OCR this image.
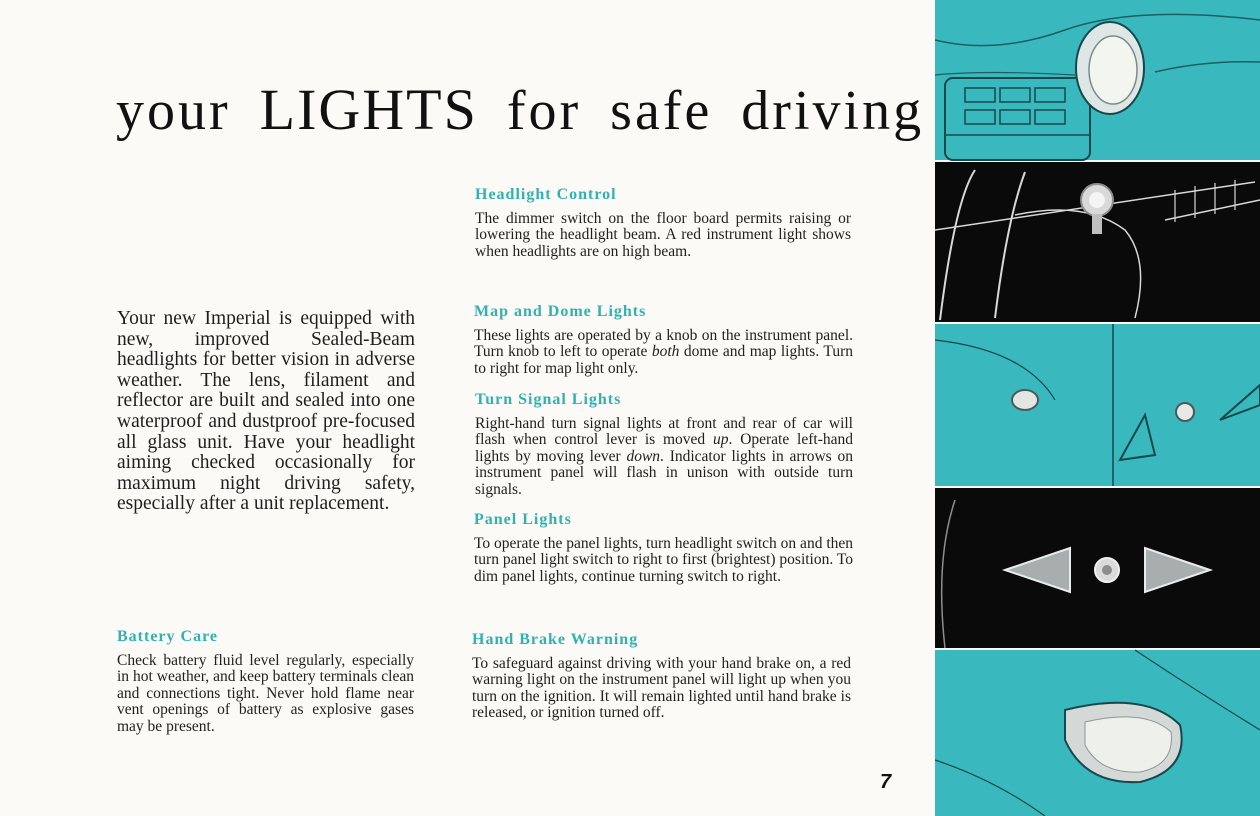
your LIGHTS for safe driving

Your new Imperial is equipped with new, improved Sealed-Beam headlights for better vision in adverse weather. The lens, filament and reflector are built and sealed into one waterproof and dustproof pre-focused all glass unit. Have your headlight aiming checked occasionally for maximum night driving safety, especially after a unit replacement.

Headlight Control

The dimmer switch on the floor board permits raising or lowering the headlight beam. A red instrument light shows when headlights are on high beam.

Map and Dome Lights

These lights are operated by a knob on the instrument panel. Turn knob to left to operate both dome and map lights. Turn to right for map light only.

Turn Signal Lights

Right-hand turn signal lights at front and rear of car will flash when control lever is moved up. Operate left-hand lights by moving lever down. Indicator lights in arrows on instrument panel will flash in unison with outside turn signals.

Panel Lights

To operate the panel lights, turn headlight switch on and then turn panel light switch to right to first (brightest) position. To dim panel lights, continue turning switch to right.

Battery Care

Check battery fluid level regularly, especially in hot weather, and keep battery terminals clean and connections tight. Never hold flame near vent openings of battery as explosive gases may be present.

Hand Brake Warning

To safeguard against driving with your hand brake on, a red warning light on the instrument panel will light up when you turn on the ignition. It will remain lighted until hand brake is released, or ignition turned off.

7
